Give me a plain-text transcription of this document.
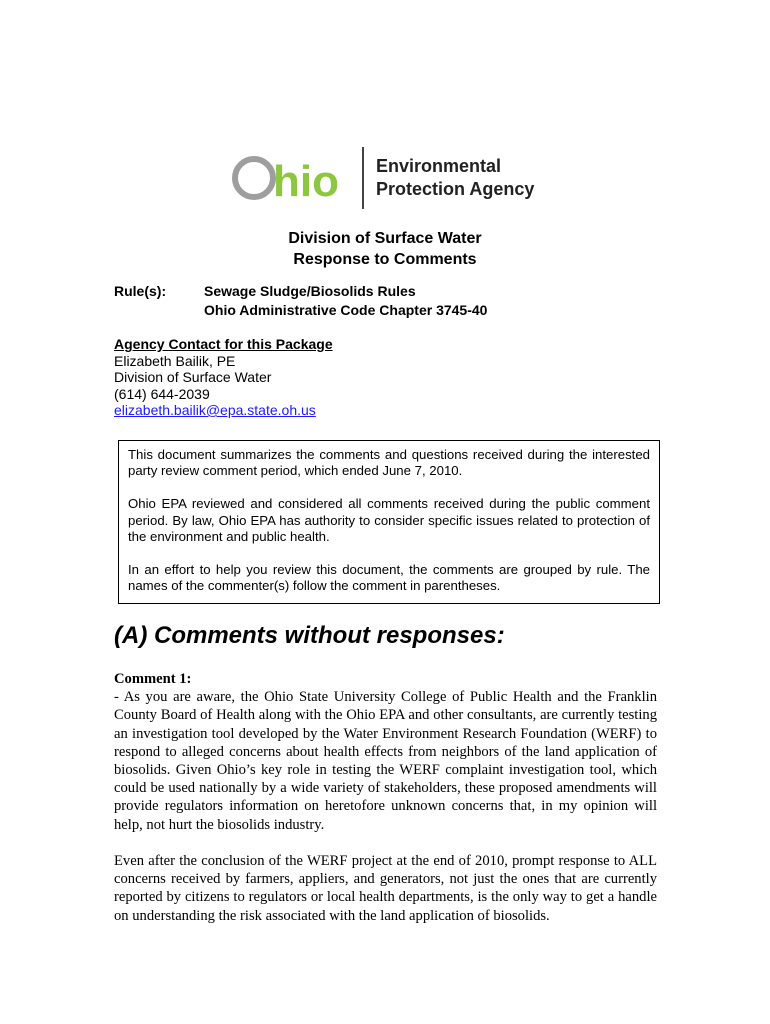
hio Environmental
Protection Agency
Division of Surface Water
Response to Comments
Rule(s):	Sewage Sludge/Biosolids Rules
Ohio Administrative Code Chapter 3745-40
Agency Contact for this Package
Elizabeth Bailik, PE
Division of Surface Water
(614) 644-2039
elizabeth.bailik@epa.state.oh.us

This document summarizes the comments and questions received during the interested party review comment period, which ended June 7, 2010.

Ohio EPA reviewed and considered all comments received during the public comment period. By law, Ohio EPA has authority to consider specific issues related to protection of the environment and public health.

In an effort to help you review this document, the comments are grouped by rule. The names of the commenter(s) follow the comment in parentheses.

(A) Comments without responses:
Comment 1:

- As you are aware, the Ohio State University College of Public Health and the Franklin County Board of Health along with the Ohio EPA and other consultants, are currently testing an investigation tool developed by the Water Environment Research Foundation (WERF) to respond to alleged concerns about health effects from neighbors of the land application of biosolids. Given Ohio’s key role in testing the WERF complaint investigation tool, which could be used nationally by a wide variety of stakeholders, these proposed amendments will provide regulators information on heretofore unknown concerns that, in my opinion will help, not hurt the biosolids industry.

Even after the conclusion of the WERF project at the end of 2010, prompt response to ALL concerns received by farmers, appliers, and generators, not just the ones that are currently reported by citizens to regulators or local health departments, is the only way to get a handle on understanding the risk associated with the land application of biosolids.
